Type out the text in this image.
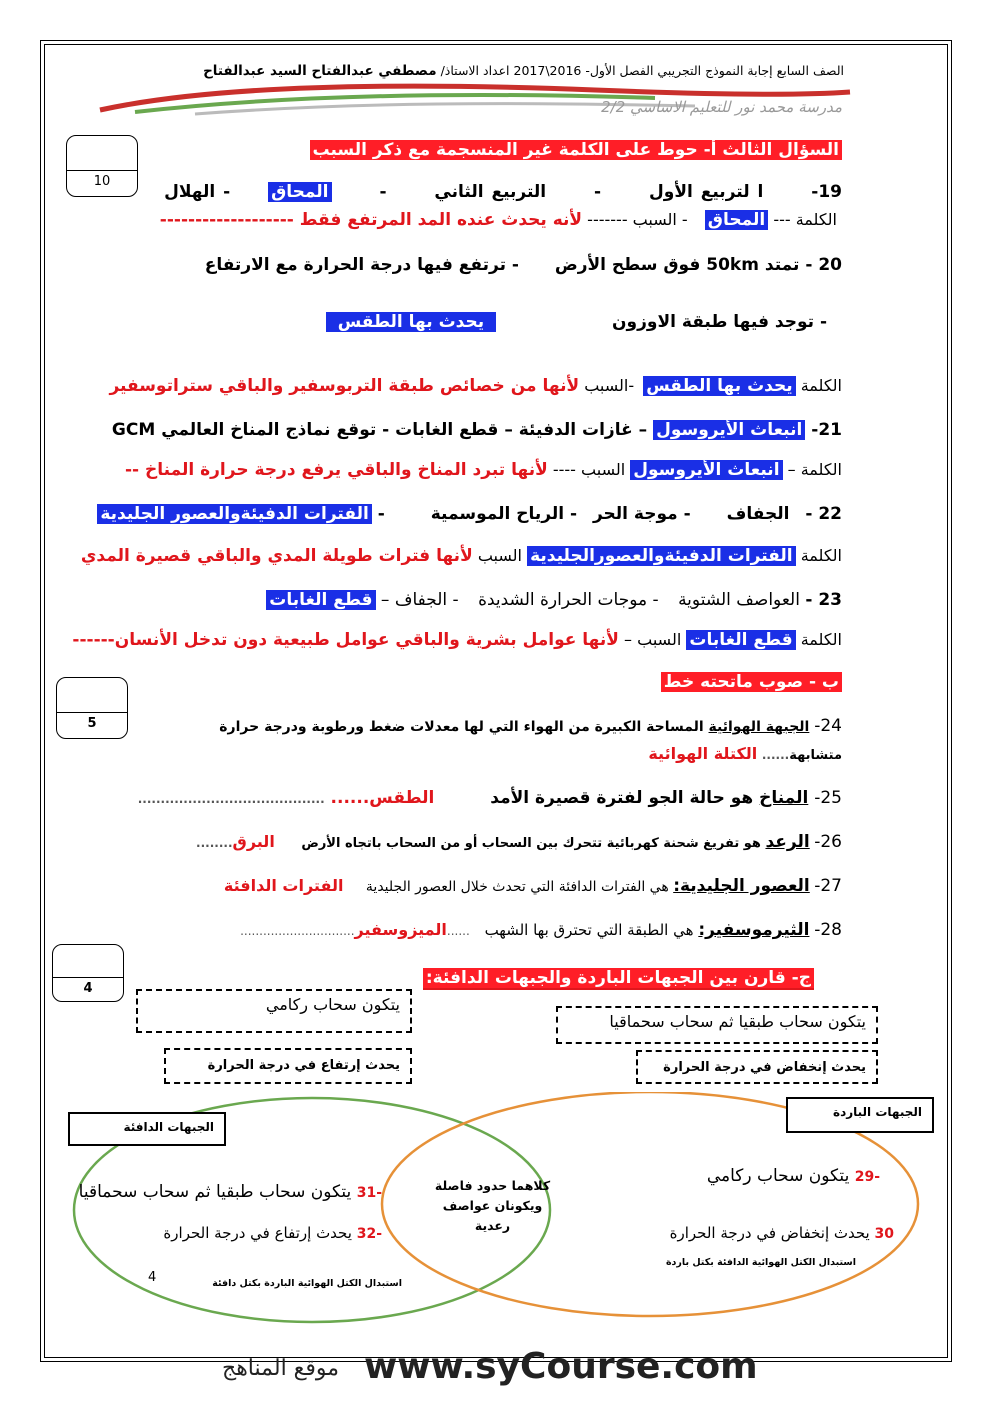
الصف السابع إجابة النموذج التجريبي الفصل الأول- 2016\2017 اعداد الاستاذ/ مصطفي عبدالفتاح السيد عبدالفتاح
مدرسة محمد نور للتعليم الاساسي 2/2
10
السؤال الثالث أ- حوط على الكلمة غير المنسجمة مع ذكر السبب
19- ا لتربيع الأول - التربيع الثاني - المحاق - الهلال
الكلمة --- المحاق - السبب ------- لأنه يحدث عنده المد المرتفع فقط -------------------
20 - تمتد 50km فوق سطح الأرض - ترتفع فيها درجة الحرارة مع الارتفاع
- توجد فيها طبقة الاوزون يحدث بها الطقس
الكلمة يحدث بها الطقس -السبب لأنها من خصائص طبقة التربوسفير والباقي ستراتوسفير
21- انبعاث الأيروسول – غازات الدفيئة – قطع الغابات - توقع نماذج المناخ العالمي GCM
الكلمة – انبعاث الأيروسول السبب ---- لأنها تبرد المناخ والباقي يرفع درجة حرارة المناخ --
22 - الجفاف - موجة الحر - الرياح الموسمية - الفترات الدفيئةوالعصور الجليدية
الكلمة الفترات الدفيئةوالعصورالجليدية السبب لأنها فترات طويلة المدي والباقي قصيرة المدي
23 - العواصف الشتوية - موجات الحرارة الشديدة - الجفاف – قطع الغابات
الكلمة قطع الغابات السبب – لأنها عوامل بشرية والباقي عوامل طبيعية دون تدخل الأنسان------
5
ب - صوب ماتحته خط
24- الجبهة الهوائية المساحة الكبيرة من الهواء التي لها معدلات ضغط ورطوبة ودرجة حرارة
متشابهة...... الكتلة الهوائية
25- المناخ هو حالة الجو لفترة قصيرة الأمد الطقس...... .........................................
26- الرعد هو تفريغ شحنة كهربائية تتحرك بين السحاب أو من السحاب باتجاه الأرض البرق........
27- العصور الجليدية: هي الفترات الدافئة التي تحدث خلال العصور الجليدية الفترات الدافئة
28- الثيرموسفير: هي الطبقة التي تحترق بها الشهب ......الميزوسفير..............................
4
ج- قارن بين الجبهات الباردة والجبهات الدافئة:
يتكون سحاب ركامي
يتكون سحاب طبقيا ثم سحاب سحماقيا
يحدث إرتفاع في درجة الحرارة	يحدث إنخفاض في درجة الحرارة
الجبهات الدافئة
الجبهات الباردة
كلاهما حدود فاصلة ويكونان عواصف رعدية
-29 يتكون سحاب ركامي
30 يحدث إنخفاض في درجة الحرارة
استبدال الكتل الهوائية الدافئة بكتل باردة
-31 يتكون سحاب طبقيا ثم سحاب سحماقيا
-32 يحدث إرتفاع في درجة الحرارة
استبدال الكتل الهوائية الباردة بكتل دافئة
4
www.syCourse.com
موقع المناهج
